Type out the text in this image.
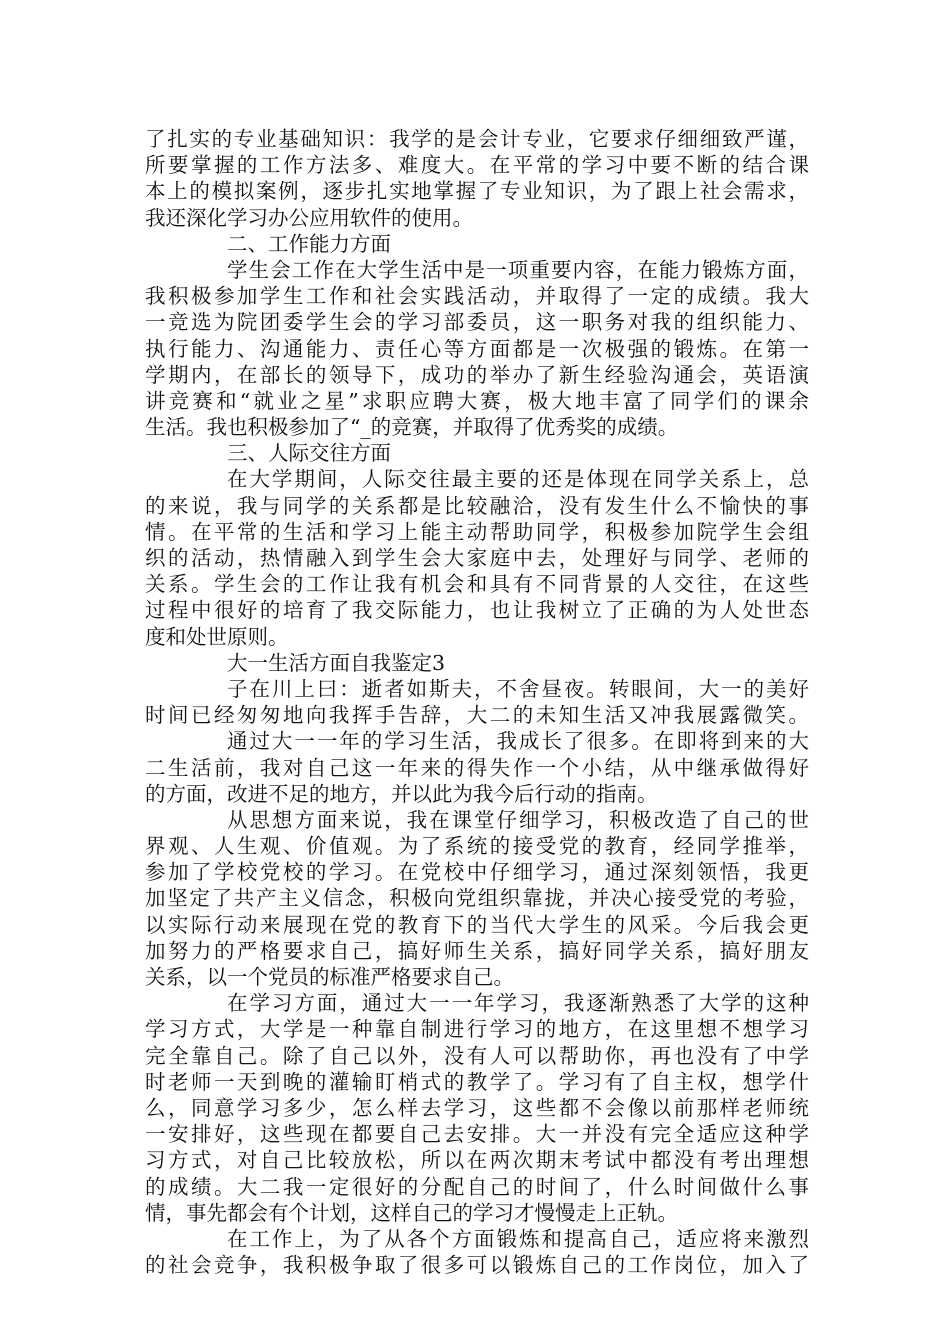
了扎实的专业基础知识：我学的是会计专业，它要求仔细细致严谨，
所要掌握的工作方法多、难度大。在平常的学习中要不断的结合课
本上的模拟案例，逐步扎实地掌握了专业知识，为了跟上社会需求，
我还深化学习办公应用软件的使用。
二、工作能力方面
学生会工作在大学生活中是一项重要内容，在能力锻炼方面，
我积极参加学生工作和社会实践活动，并取得了一定的成绩。我大
一竞选为院团委学生会的学习部委员，这一职务对我的组织能力、
执行能力、沟通能力、责任心等方面都是一次极强的锻炼。在第一
学期内，在部长的领导下，成功的举办了新生经验沟通会，英语演
讲竞赛和“就业之星”求职应聘大赛，极大地丰富了同学们的课余
生活。我也积极参加了“_的竞赛，并取得了优秀奖的成绩。
三、人际交往方面
在大学期间，人际交往最主要的还是体现在同学关系上，总
的来说，我与同学的关系都是比较融洽，没有发生什么不愉快的事
情。在平常的生活和学习上能主动帮助同学，积极参加院学生会组
织的活动，热情融入到学生会大家庭中去，处理好与同学、老师的
关系。学生会的工作让我有机会和具有不同背景的人交往，在这些
过程中很好的培育了我交际能力，也让我树立了正确的为人处世态
度和处世原则。
大一生活方面自我鉴定3
子在川上曰：逝者如斯夫，不舍昼夜。转眼间，大一的美好
时间已经匆匆地向我挥手告辞，大二的未知生活又冲我展露微笑。
通过大一一年的学习生活，我成长了很多。在即将到来的大
二生活前，我对自己这一年来的得失作一个小结，从中继承做得好
的方面，改进不足的地方，并以此为我今后行动的指南。
从思想方面来说，我在课堂仔细学习，积极改造了自己的世
界观、人生观、价值观。为了系统的接受党的教育，经同学推举，
参加了学校党校的学习。在党校中仔细学习，通过深刻领悟，我更
加坚定了共产主义信念，积极向党组织靠拢，并决心接受党的考验，
以实际行动来展现在党的教育下的当代大学生的风采。今后我会更
加努力的严格要求自己，搞好师生关系，搞好同学关系，搞好朋友
关系，以一个党员的标准严格要求自己。
在学习方面，通过大一一年学习，我逐渐熟悉了大学的这种
学习方式，大学是一种靠自制进行学习的地方，在这里想不想学习
完全靠自己。除了自己以外，没有人可以帮助你，再也没有了中学
时老师一天到晚的灌输盯梢式的教学了。学习有了自主权，想学什
么，同意学习多少，怎么样去学习，这些都不会像以前那样老师统
一安排好，这些现在都要自己去安排。大一并没有完全适应这种学
习方式，对自己比较放松，所以在两次期末考试中都没有考出理想
的成绩。大二我一定很好的分配自己的时间了，什么时间做什么事
情，事先都会有个计划，这样自己的学习才慢慢走上正轨。
在工作上，为了从各个方面锻炼和提高自己，适应将来激烈
的社会竞争，我积极争取了很多可以锻炼自己的工作岗位，加入了
